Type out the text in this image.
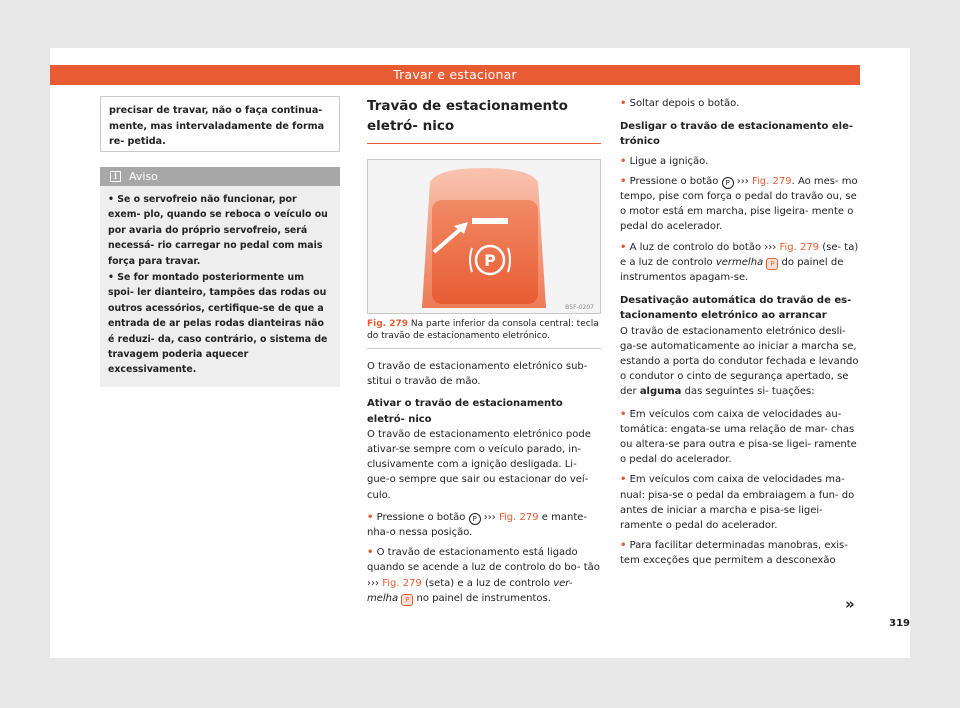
Travar e estacionar
precisar de travar, não o faça continua- mente, mas intervaladamente de forma re- petida.
i	Aviso

• Se o servofreio não funcionar, por exem- plo, quando se reboca o veículo ou por avaria do próprio servofreio, será necessá- rio carregar no pedal com mais força para travar.

• Se for montado posteriormente um spoi- ler dianteiro, tampões das rodas ou outros acessórios, certifique-se de que a entrada de ar pelas rodas dianteiras não é reduzi- da, caso contrário, o sistema de travagem poderia aquecer excessivamente.

Travão de estacionamento eletró- nico
P
B5F-0207
Fig. 279 Na parte inferior da consola central: tecla do travão de estacionamento eletrónico.

O travão de estacionamento eletrónico sub- stitui o travão de mão.

Ativar o travão de estacionamento eletró- nico

O travão de estacionamento eletrónico pode ativar-se sempre com o veículo parado, in- clusivamente com a ignição desligada. Li- gue-o sempre que sair ou estacionar do veí- culo.

• Pressione o botão P ››› Fig. 279 e mante- nha-o nessa posição.

• O travão de estacionamento está ligado quando se acende a luz de controlo do bo- tão ››› Fig. 279 (seta) e a luz de controlo ver- melha P no painel de instrumentos.

• Soltar depois o botão.

Desligar o travão de estacionamento ele- trónico

• Ligue a ignição.

• Pressione o botão P ››› Fig. 279. Ao mes- mo tempo, pise com força o pedal do travão ou, se o motor está em marcha, pise ligeira- mente o pedal do acelerador.

• A luz de controlo do botão ››› Fig. 279 (se- ta) e a luz de controlo vermelha P do painel de instrumentos apagam-se.

Desativação automática do travão de es- tacionamento eletrónico ao arrancar

O travão de estacionamento eletrónico desli- ga-se automaticamente ao iniciar a marcha se, estando a porta do condutor fechada e levando o condutor o cinto de segurança apertado, se der alguma das seguintes si- tuações:

• Em veículos com caixa de velocidades au- tomática: engata-se uma relação de mar- chas ou altera-se para outra e pisa-se ligei- ramente o pedal do acelerador.

• Em veículos com caixa de velocidades ma- nual: pisa-se o pedal da embraiagem a fun- do antes de iniciar a marcha e pisa-se ligei- ramente o pedal do acelerador.

• Para facilitar determinadas manobras, exis- tem exceções que permitem a desconexão

»
319
